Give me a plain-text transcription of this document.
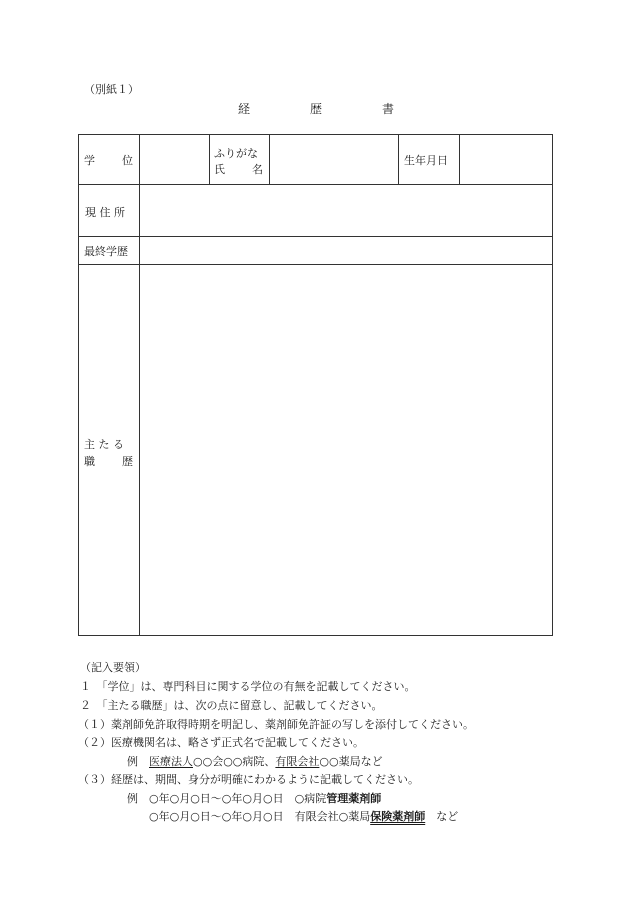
（別紙１）
経	歴	書
学 位
ふりがな
氏 名
生年月日
現 住 所
最終学歴
主 た る
職 歴
（記入要領）
１　「学位」は、専門科目に関する学位の有無を記載してください。
２　「主たる職歴」は、次の点に留意し、記載してください。
（１）薬剤師免許取得時期を明記し、薬剤師免許証の写しを添付してください。
（２）医療機関名は、略さず正式名で記載してください。
例　医療法人○○会○○病院、有限会社○○薬局など
（３）経歴は、期間、身分が明確にわかるように記載してください。
例　○年○月○日～○年○月○日 ○病院管理薬剤師
○年○月○日～○年○月○日 有限会社○薬局保険薬剤師　など
